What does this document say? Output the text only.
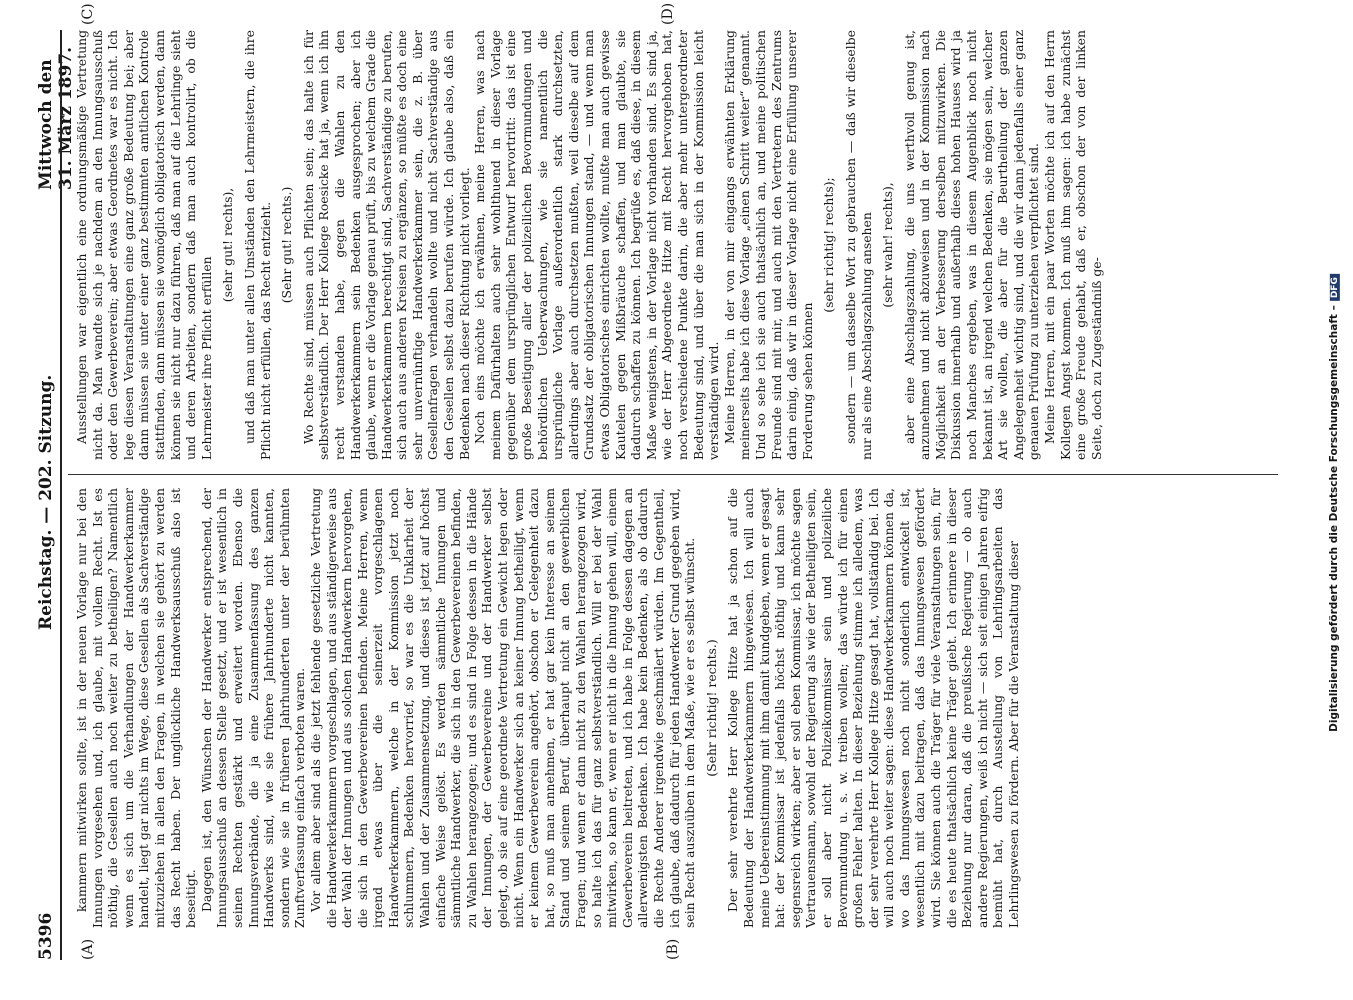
5396
Reichstag. — 202. Sitzung.
Mittwoch den 31. März 1897.
(A)	(B)
(C)	(D)

kammern mitwirken sollte, ist in der neuen Vorlage nur bei den Innungen vorgesehen und, ich glaube, mit vollem Recht. Ist es nöthig, die Gesellen auch noch weiter zu betheiligen? Namentlich wenn es sich um die Verhandlungen der Handwerkerkammer handelt, liegt gar nichts im Wege, diese Gesellen als Sachverständige mitzuziehen in allen den Fragen, in welchen sie gehört zu werden das Recht haben. Der unglückliche Handwerksausschuß also ist beseitigt. Dagegen ist, den Wünschen der Handwerker entsprechend, der Innungsausschuß an dessen Stelle gesetzt, und er ist wesentlich in seinen Rechten gestärkt und erweitert worden. Ebenso die Innungsverbände, die ja eine Zusammenfassung des ganzen Handwerks sind, wie sie frühere Jahrhunderte nicht kannten, sondern wie sie in früheren Jahrhunderten unter der berühmten Zunftverfassung einfach verboten waren. Vor allem aber sind als die jetzt fehlende gesetzliche Vertretung die Handwerkerkammern vorgeschlagen, und aus ständigerweise aus der Wahl der Innungen und aus solchen Handwerkern hervorgehen, die sich in den Gewerbevereinen befinden. Meine Herren, wenn irgend etwas über die seinerzeit vorgeschlagenen Handwerkerkammern, welche in der Kommission jetzt noch schlummern, Bedenken hervorrief, so war es die Unklarheit der Wahlen und der Zusammensetzung, und dieses ist jetzt auf höchst einfache Weise gelöst. Es werden sämmtliche Innungen und sämmtliche Handwerker, die sich in den Gewerbevereinen befinden, zu Wahlen herangezogen; und es sind in Folge dessen in die Hände der Innungen, der Gewerbevereine und der Handwerker selbst gelegt, ob sie auf eine geordnete Vertretung ein Gewicht legen oder nicht. Wenn ein Handwerker sich an keiner Innung betheiligt, wenn er keinem Gewerbeverein angehört, obschon er Gelegenheit dazu hat, so muß man annehmen, er hat gar kein Interesse an seinem Stand und seinem Beruf, überhaupt nicht an den gewerblichen Fragen; und wenn er dann nicht zu den Wahlen herangezogen wird, so halte ich das für ganz selbstverständlich. Will er bei der Wahl mitwirken, so kann er, wenn er nicht in die Innung gehen will, einem Gewerbeverein beitreten, und ich habe in Folge dessen dagegen an allerwenigsten Bedenken. Ich habe kein Bedenken, als ob dadurch die Rechte Anderer irgendwie geschmälert würden. Im Gegentheil, ich glaube, daß dadurch für jeden Handwerker Grund gegeben wird, sein Recht auszuüben in dem Maße, wie er es selbst wünscht. (Sehr richtig! rechts.) Der sehr verehrte Herr Kollege Hitze hat ja schon auf die Bedeutung der Handwerkerkammern hingewiesen. Ich will auch meine Uebereinstimmung mit ihm damit kundgeben, wenn er gesagt hat: der Kommissar ist jedenfalls höchst nöthig und kann sehr segensreich wirken; aber er soll eben Kommissar, ich möchte sagen Vertrauensmann, sowohl der Regierung als wie der Betheiligten sein, er soll aber nicht Polizeikommissar sein und polizeiliche Bevormundung u. s. w. treiben wollen; das würde ich für einen großen Fehler halten. In dieser Beziehung stimme ich alledem, was der sehr verehrte Herr Kollege Hitze gesagt hat, vollständig bei. Ich will auch noch weiter sagen: diese Handwerkerkammern können da, wo das Innungswesen noch nicht sonderlich entwickelt ist, wesentlich mit dazu beitragen, daß das Innungswesen gefördert wird. Sie können auch die Träger für viele Veranstaltungen sein, für die es heute thatsächlich keine Träger giebt. Ich erinnere in dieser Beziehung nur daran, daß die preußische Regierung — ob auch andere Regierungen, weiß ich nicht — sich seit einigen Jahren eifrig bemüht hat, durch Ausstellung von Lehrlingsarbeiten das Lehrlingswesen zu fördern. Aber für die Veranstaltung dieser

Ausstellungen war eigentlich eine ordnungsmäßige Vertretung nicht da. Man wandte sich je nachdem an den Innungsausschuß oder den Gewerbeverein; aber etwas Geordnetes war es nicht. Ich lege diesen Veranstaltungen eine ganz große Bedeutung bei; aber dann müssen sie unter einer ganz bestimmten amtlichen Kontrole stattfinden, dann müssen sie womöglich obligatorisch werden, dann können sie nicht nur dazu führen, daß man auf die Lehrlinge sieht und deren Arbeiten, sondern daß man auch kontrolirt, ob die Lehrmeister ihre Pflicht erfüllen

(sehr gut! rechts), und daß man unter allen Umständen den Lehrmeistern, die ihre Pflicht nicht erfüllen, das Recht entzieht. (Sehr gut! rechts.) Wo Rechte sind, müssen auch Pflichten sein; das halte ich für selbstverständlich. Der Herr Kollege Roesicke hat ja, wenn ich ihn recht verstanden habe, gegen die Wahlen zu den Handwerkerkammern sein Bedenken ausgesprochen; aber ich glaube, wenn er die Vorlage genau prüft, bis zu welchem Grade die Handwerkerkammern berechtigt sind, Sachverständige zu berufen, sich auch aus anderen Kreisen zu ergänzen, so müßte es doch eine sehr unvernünftige Handwerkerkammer sein, die z. B. über Gesellenfragen verhandeln wollte und nicht Sachverständige aus den Gesellen selbst dazu berufen würde. Ich glaube also, daß ein Bedenken nach dieser Richtung nicht vorliegt. Noch eins möchte ich erwähnen, meine Herren, was nach meinem Dafürhalten auch sehr wohlthuend in dieser Vorlage gegenüber dem ursprünglichen Entwurf hervortritt: das ist eine große Beseitigung aller der polizeilichen Bevormundungen und behördlichen Ueberwachungen, wie sie namentlich die ursprüngliche Vorlage außerordentlich stark durchsetzten, allerdings aber auch durchsetzen mußten, weil dieselbe auf dem Grundsatz der obligatorischen Innungen stand, — und wenn man etwas Obligatorisches einrichten wollte, mußte man auch gewisse Kautelen gegen Mißbräuche schaffen, und man glaubte, sie dadurch schaffen zu können. Ich begrüße es, daß diese, in diesem Maße wenigstens, in der Vorlage nicht vorhanden sind. Es sind ja, wie der Herr Abgeordnete Hitze mit Recht hervorgehoben hat, noch verschiedene Punkte darin, die aber mehr untergeordneter Bedeutung sind, und über die man sich in der Kommission leicht verständigen wird. Meine Herren, in der von mir eingangs erwähnten Erklärung meinerseits habe ich diese Vorlage „einen Schritt weiter“ genannt. Und so sehe ich sie auch thatsächlich an, und meine politischen Freunde sind mit mir, und auch mit den Vertretern des Zentrums darin einig, daß wir in dieser Vorlage nicht eine Erfüllung unserer Forderung sehen können

(sehr richtig! rechts); sondern — um dasselbe Wort zu gebrauchen — daß wir dieselbe nur als eine Abschlagszahlung ansehen (sehr wahr! rechts), aber eine Abschlagszahlung, die uns werthvoll genug ist, anzunehmen und nicht abzuweisen und in der Kommission nach Möglichkeit an der Verbesserung derselben mitzuwirken. Die Diskussion innerhalb und außerhalb dieses hohen Hauses wird ja noch Manches ergeben, was in diesem Augenblick noch nicht bekannt ist, an irgend welchen Bedenken, sie mögen sein, welcher Art sie wollen, die aber für die Beurtheilung der ganzen Angelegenheit wichtig sind, und die wir dann jedenfalls einer ganz genauen Prüfung zu unterziehen verpflichtet sind. Meine Herren, mit ein paar Worten möchte ich auf den Herrn Kollegen Angst kommen. Ich muß ihm sagen: ich habe zunächst eine große Freude gehabt, daß er, obschon der von der linken Seite, doch zu Zugeständniß ge-	Digitalisierung gefördert durch die Deutsche Forschungsgemeinschaft –DFG
